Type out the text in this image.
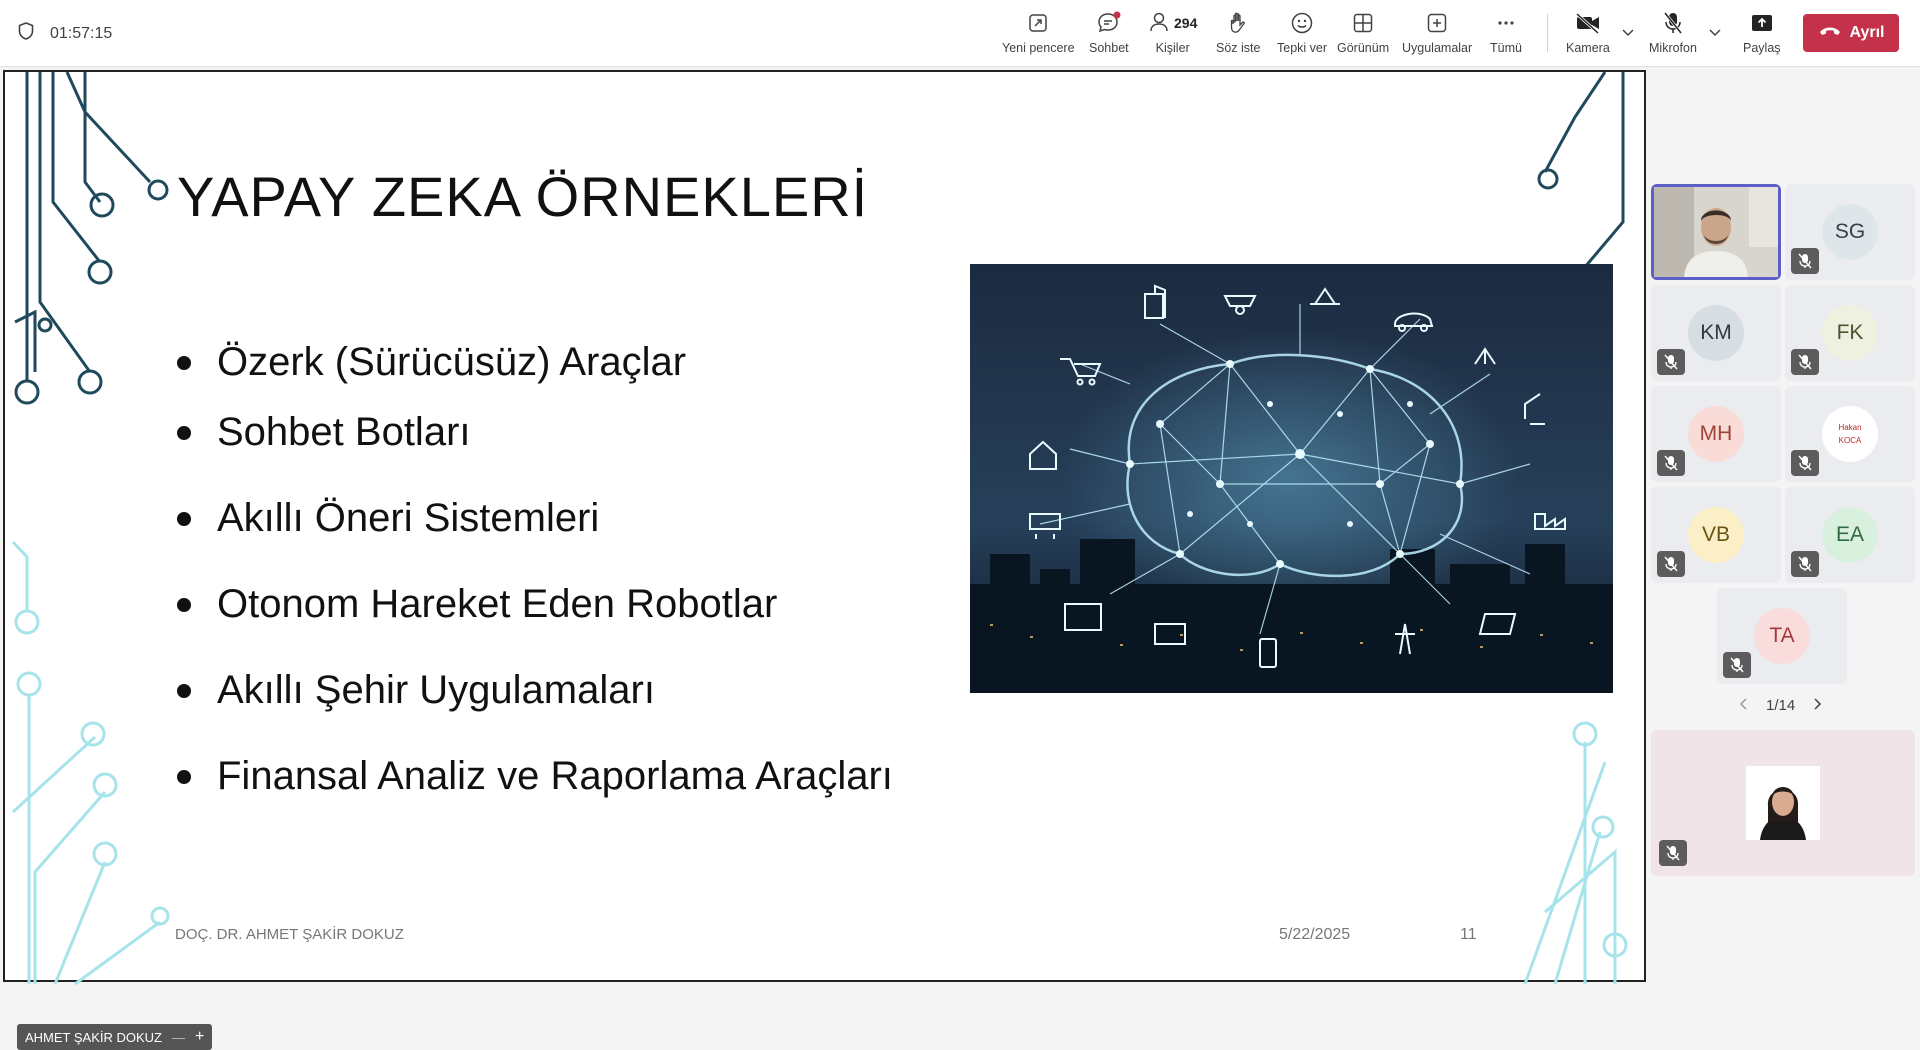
01:57:15
Yeni pencere Sohbet
294
Kişiler Söz iste Tepki ver Görünüm Uygulamalar Tümü	Kamera	Mikrofon	Paylaş
Ayrıl
YAPAY ZEKA ÖRNEKLERİ
Özerk (Sürücüsüz) Araçlar
Sohbet Botları
Akıllı Öneri Sistemleri
Otonom Hareket Eden Robotlar
Akıllı Şehir Uygulamaları
Finansal Analiz ve Raporlama Araçları
DOÇ. DR. AHMET ŞAKİR DOKUZ	5/22/2025	11
AHMET ŞAKİR DOKUZ — +
SG
KM	FK
MH	Hakan
KOCA
VB	EA
TA
1/14
